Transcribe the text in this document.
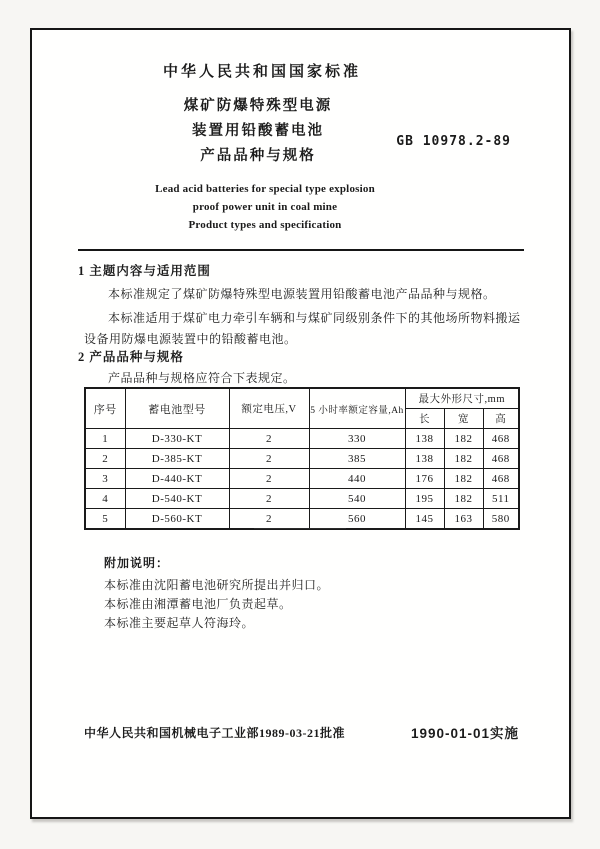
中华人民共和国国家标准
煤矿防爆特殊型电源
装置用铅酸蓄电池
产品品种与规格
GB 10978.2-89
Lead acid batteries for special type explosion
proof power unit in coal mine
Product types and specification
1 主题内容与适用范围
本标准规定了煤矿防爆特殊型电源装置用铅酸蓄电池产品品种与规格。
本标准适用于煤矿电力牵引车辆和与煤矿同级别条件下的其他场所物料搬运设备用防爆电源装置中的铅酸蓄电池。
2 产品品种与规格
产品品种与规格应符合下表规定。
序号	蓄电池型号	额定电压,V	5 小时率额定容量,Ah	最大外形尺寸,mm		
				长	宽	高
1	D-330-KT	2	330	138	182	468
2	D-385-KT	2	385	138	182	468
3	D-440-KT	2	440	176	182	468
4	D-540-KT	2	540	195	182	511
5	D-560-KT	2	560	145	163	580
附加说明：
本标准由沈阳蓄电池研究所提出并归口。
本标准由湘潭蓄电池厂负责起草。
本标准主要起草人符海玲。
中华人民共和国机械电子工业部1989-03-21批准	1990-01-01实施
